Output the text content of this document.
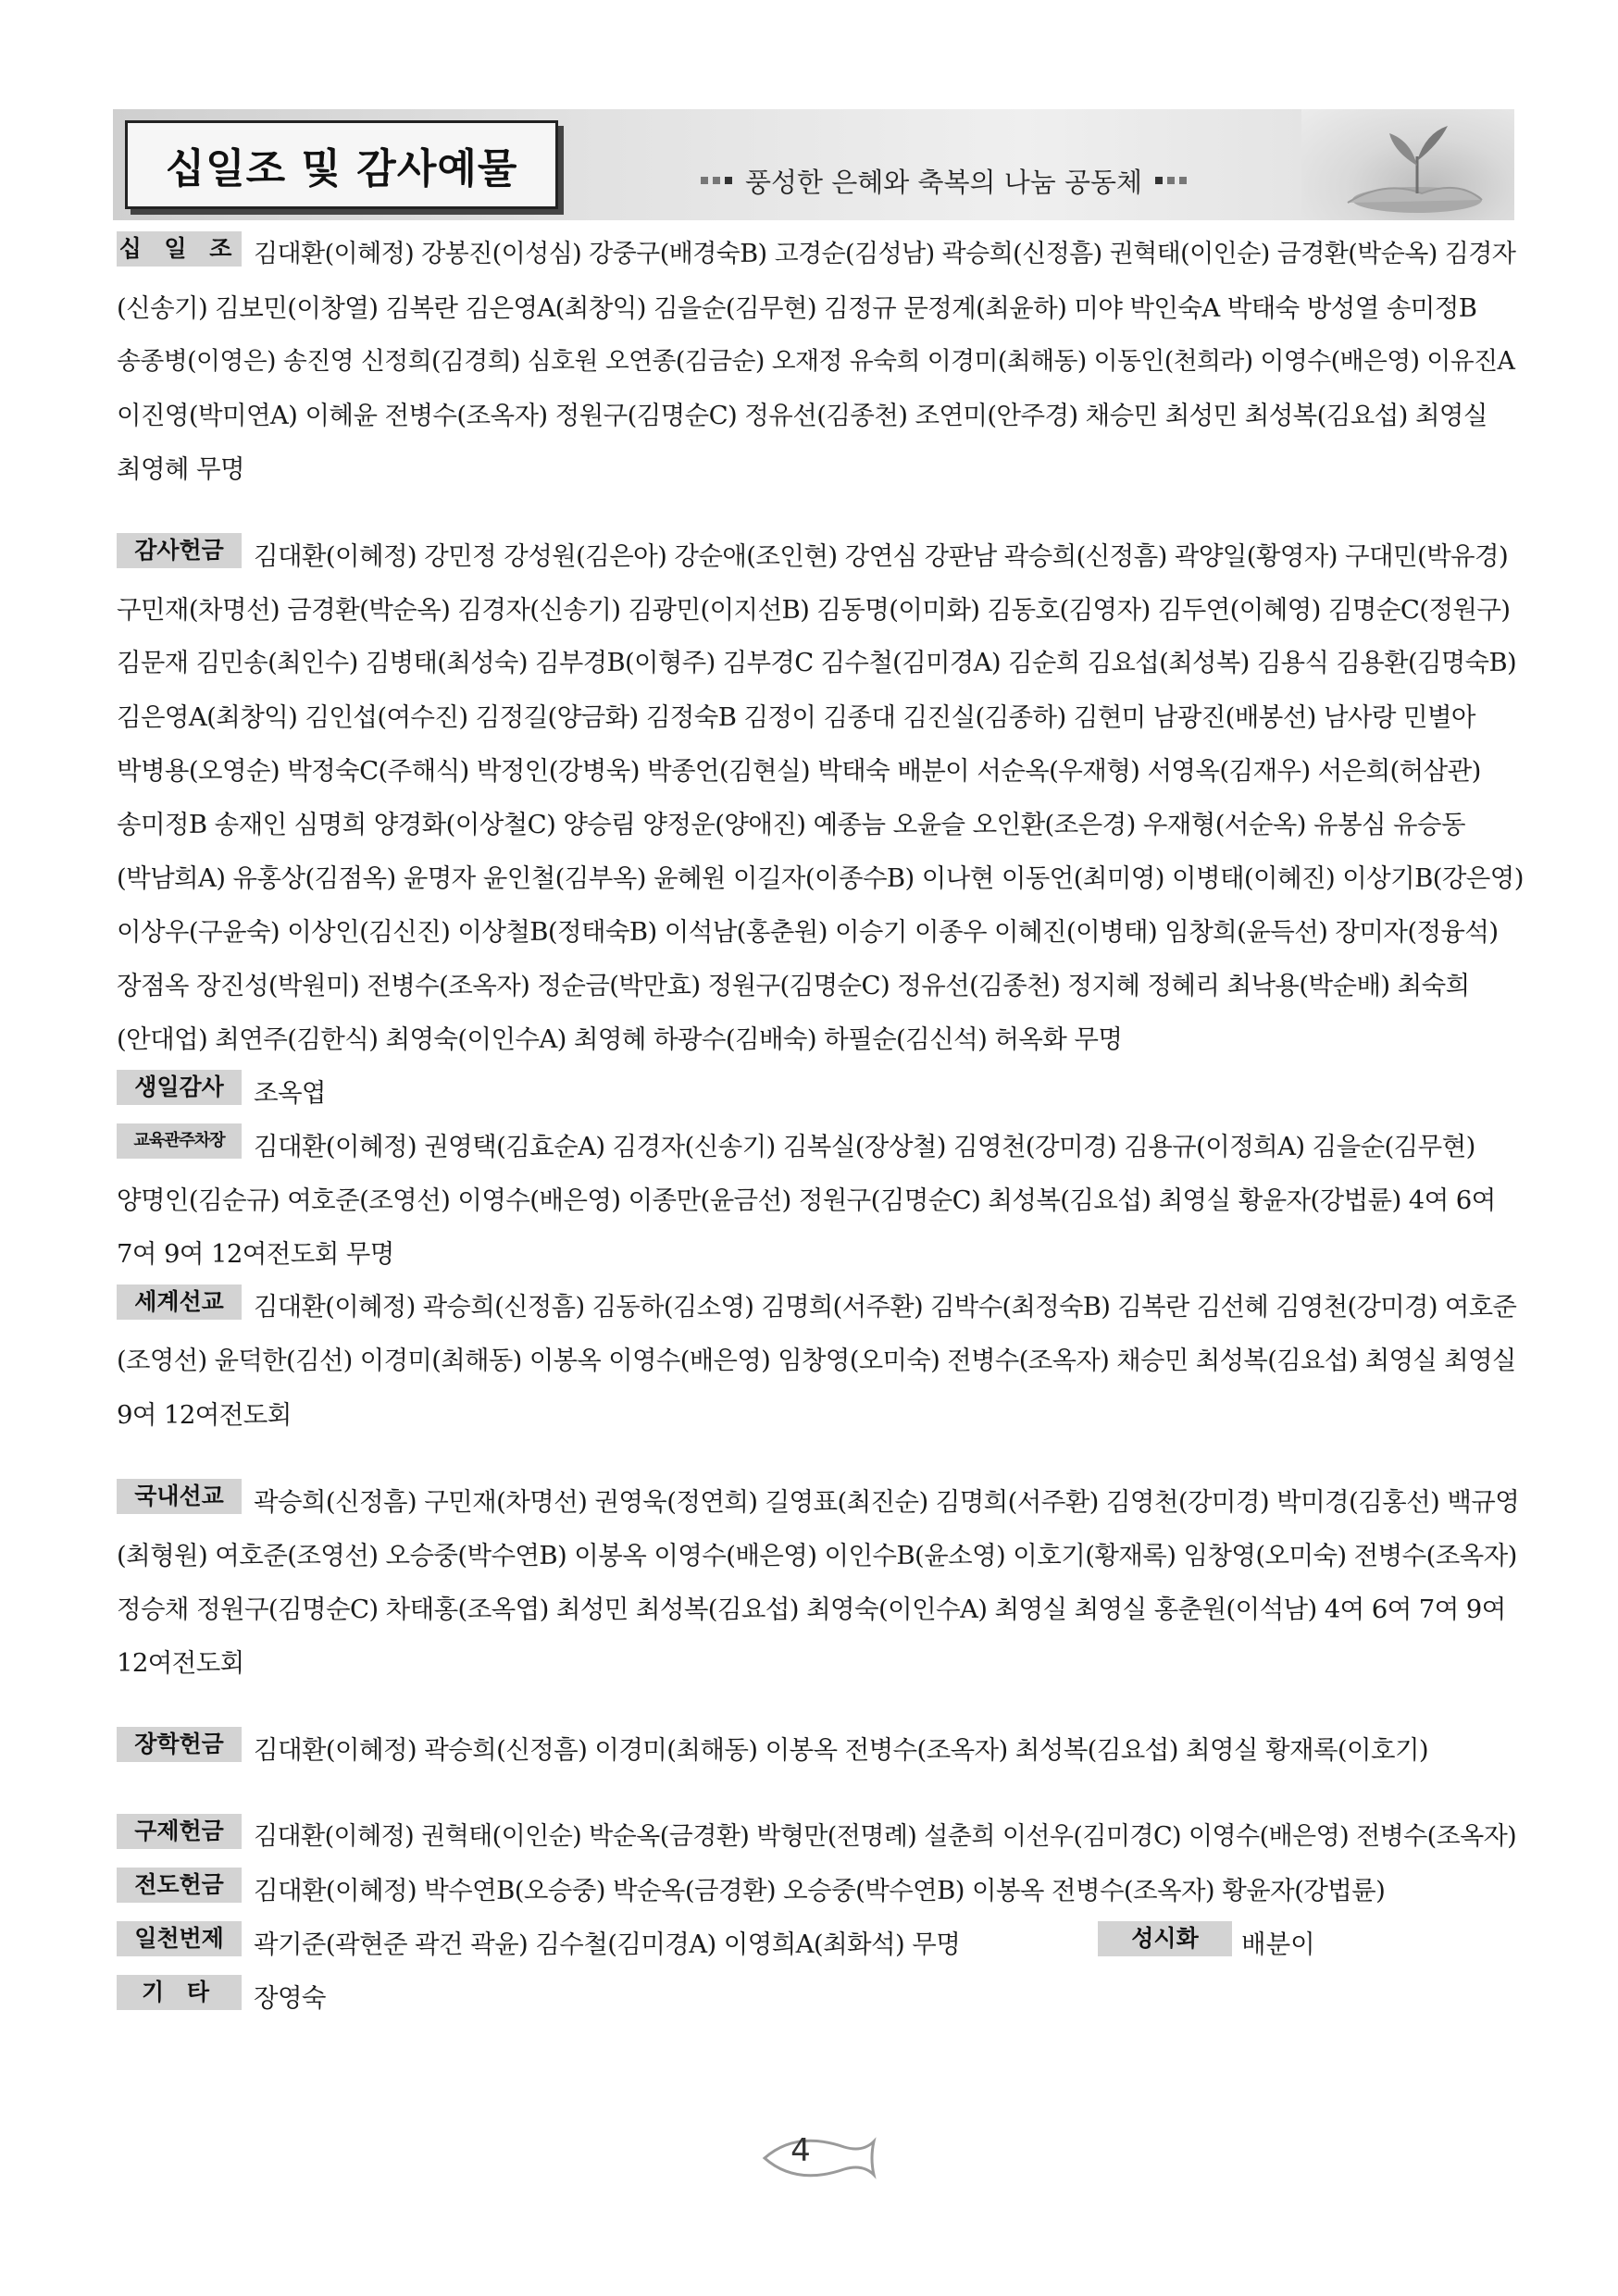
십일조 및 감사예물	풍성한 은혜와 축복의 나눔 공동체
십 일 조 김대환(이혜정) 강봉진(이성심) 강중구(배경숙B) 고경순(김성남) 곽승희(신정흠) 권혁태(이인순) 금경환(박순옥) 김경자
(신송기) 김보민(이창열) 김복란 김은영A(최창익) 김을순(김무현) 김정규 문정계(최윤하) 미야 박인숙A 박태숙 방성열 송미정B
송종병(이영은) 송진영 신정희(김경희) 심호원 오연종(김금순) 오재정 유숙희 이경미(최해동) 이동인(천희라) 이영수(배은영) 이유진A
이진영(박미연A) 이혜윤 전병수(조옥자) 정원구(김명순C) 정유선(김종천) 조연미(안주경) 채승민 최성민 최성복(김요섭) 최영실
최영혜 무명
감사헌금	김대환(이혜정) 강민정 강성원(김은아) 강순애(조인현) 강연심 강판남 곽승희(신정흠) 곽양일(황영자) 구대민(박유경)
구민재(차명선) 금경환(박순옥) 김경자(신송기) 김광민(이지선B) 김동명(이미화) 김동호(김영자) 김두연(이혜영) 김명순C(정원구)
김문재 김민송(최인수) 김병태(최성숙) 김부경B(이형주) 김부경C 김수철(김미경A) 김순희 김요섭(최성복) 김용식 김용환(김명숙B)
김은영A(최창익) 김인섭(여수진) 김정길(양금화) 김정숙B 김정이 김종대 김진실(김종하) 김현미 남광진(배봉선) 남사랑 민별아
박병용(오영순) 박정숙C(주해식) 박정인(강병욱) 박종언(김현실) 박태숙 배분이 서순옥(우재형) 서영옥(김재우) 서은희(허삼관)
송미정B 송재인 심명희 양경화(이상철C) 양승림 양정운(양애진) 예종늠 오윤슬 오인환(조은경) 우재형(서순옥) 유봉심 유승동
(박남희A) 유홍상(김점옥) 윤명자 윤인철(김부옥) 윤혜원 이길자(이종수B) 이나현 이동언(최미영) 이병태(이혜진) 이상기B(강은영)
이상우(구윤숙) 이상인(김신진) 이상철B(정태숙B) 이석남(홍춘원) 이승기 이종우 이혜진(이병태) 임창희(윤득선) 장미자(정융석)
장점옥 장진성(박원미) 전병수(조옥자) 정순금(박만효) 정원구(김명순C) 정유선(김종천) 정지혜 정혜리 최낙용(박순배) 최숙희
(안대업) 최연주(김한식) 최영숙(이인수A) 최영혜 하광수(김배숙) 하필순(김신석) 허옥화 무명
생일감사	조옥엽
교육관주차장	김대환(이혜정) 권영택(김효순A) 김경자(신송기) 김복실(장상철) 김영천(강미경) 김용규(이정희A) 김을순(김무현)
양명인(김순규) 여호준(조영선) 이영수(배은영) 이종만(윤금선) 정원구(김명순C) 최성복(김요섭) 최영실 황윤자(강법륜) 4여 6여
7여 9여 12여전도회 무명
세계선교	김대환(이혜정) 곽승희(신정흠) 김동하(김소영) 김명희(서주환) 김박수(최정숙B) 김복란 김선혜 김영천(강미경) 여호준
(조영선) 윤덕한(김선) 이경미(최해동) 이봉옥 이영수(배은영) 임창영(오미숙) 전병수(조옥자) 채승민 최성복(김요섭) 최영실 최영실
9여 12여전도회
국내선교	곽승희(신정흠) 구민재(차명선) 권영욱(정연희) 길영표(최진순) 김명희(서주환) 김영천(강미경) 박미경(김홍선) 백규영
(최형원) 여호준(조영선) 오승중(박수연B) 이봉옥 이영수(배은영) 이인수B(윤소영) 이호기(황재록) 임창영(오미숙) 전병수(조옥자)
정승채 정원구(김명순C) 차태홍(조옥엽) 최성민 최성복(김요섭) 최영숙(이인수A) 최영실 최영실 홍춘원(이석남) 4여 6여 7여 9여
12여전도회
장학헌금	김대환(이혜정) 곽승희(신정흠) 이경미(최해동) 이봉옥 전병수(조옥자) 최성복(김요섭) 최영실 황재록(이호기)
구제헌금	김대환(이혜정) 권혁태(이인순) 박순옥(금경환) 박형만(전명례) 설춘희 이선우(김미경C) 이영수(배은영) 전병수(조옥자)
전도헌금	김대환(이혜정) 박수연B(오승중) 박순옥(금경환) 오승중(박수연B) 이봉옥 전병수(조옥자) 황윤자(강법륜)
일천번제	곽기준(곽현준 곽건 곽윤) 김수철(김미경A) 이영희A(최화석) 무명	성시화	배분이
기 타	장영숙
4
